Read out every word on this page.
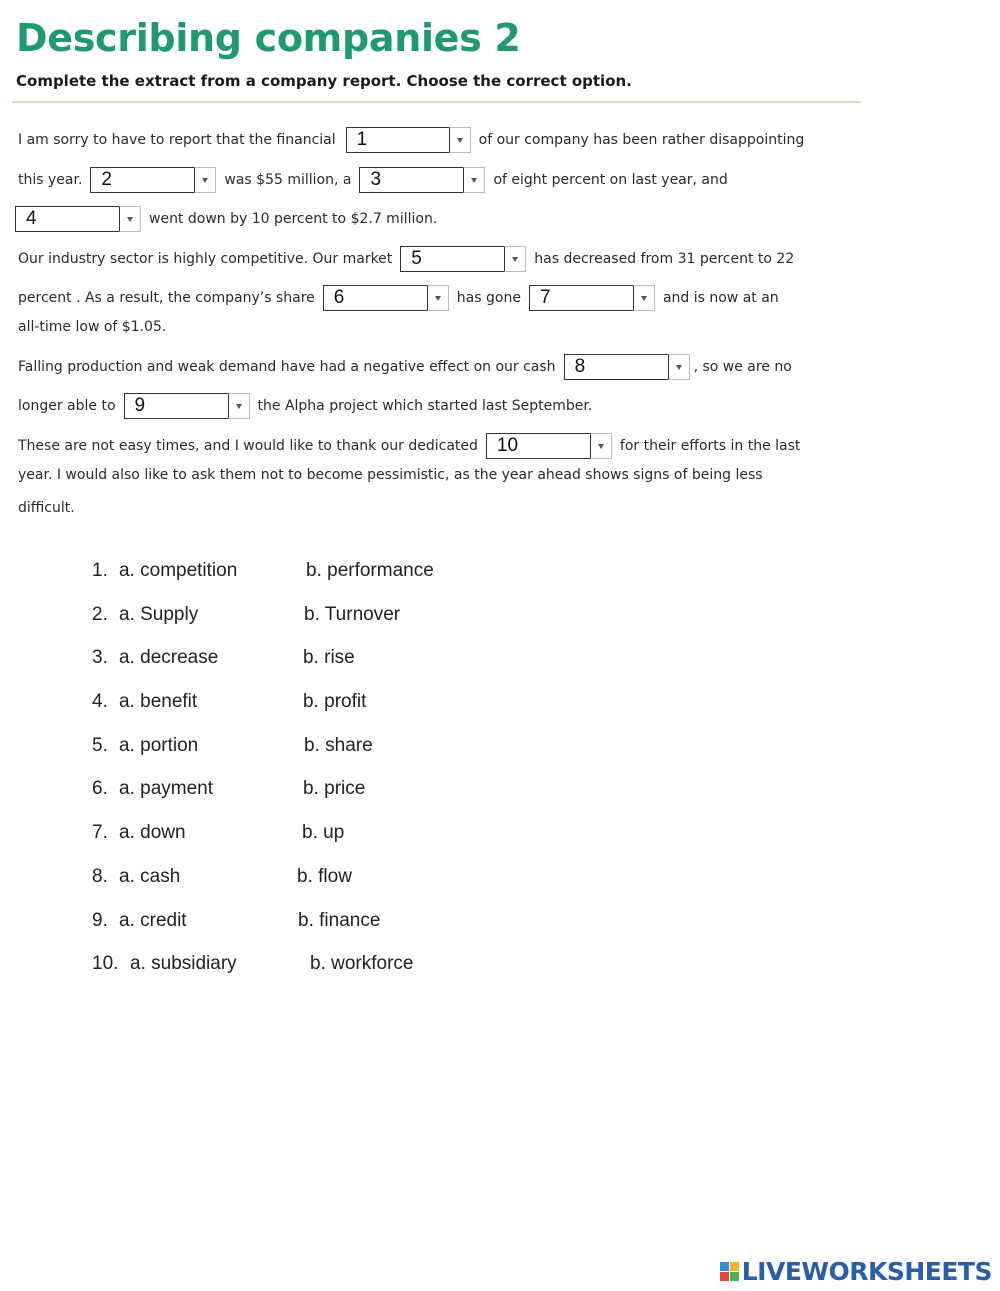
Describing companies 2

Complete the extract from a company report. Choose the correct option.

I am sorry to have to report that the financial	1	of our company has been rather disappointing
this year.	2	was $55 million, a	3	of eight percent on last year, and
4	went down by 10 percent to $2.7 million.
Our industry sector is highly competitive. Our market	5	has decreased from 31 percent to 22
percent . As a result, the company’s share	6	has gone	7	and is now at an
all-time low of $1.05.
Falling production and weak demand have had a negative effect on our cash	8	, so we are no
longer able to	9	the Alpha project which started last September.
These are not easy times, and I would like to thank our dedicated	10	for their efforts in the last
year. I would also like to ask them not to become pessimistic, as the year ahead shows signs of being less
difficult.
1. a. competition	b. performance
2. a. Supply	b. Turnover
3. a. decrease	b. rise
4. a. benefit	b. profit
5. a. portion	b. share
6. a. payment	b. price
7. a. down	b. up
8. a. cash	b. flow
9. a. credit	b. finance
10. a. subsidiary	b. workforce
LIVEWORKSHEETS
